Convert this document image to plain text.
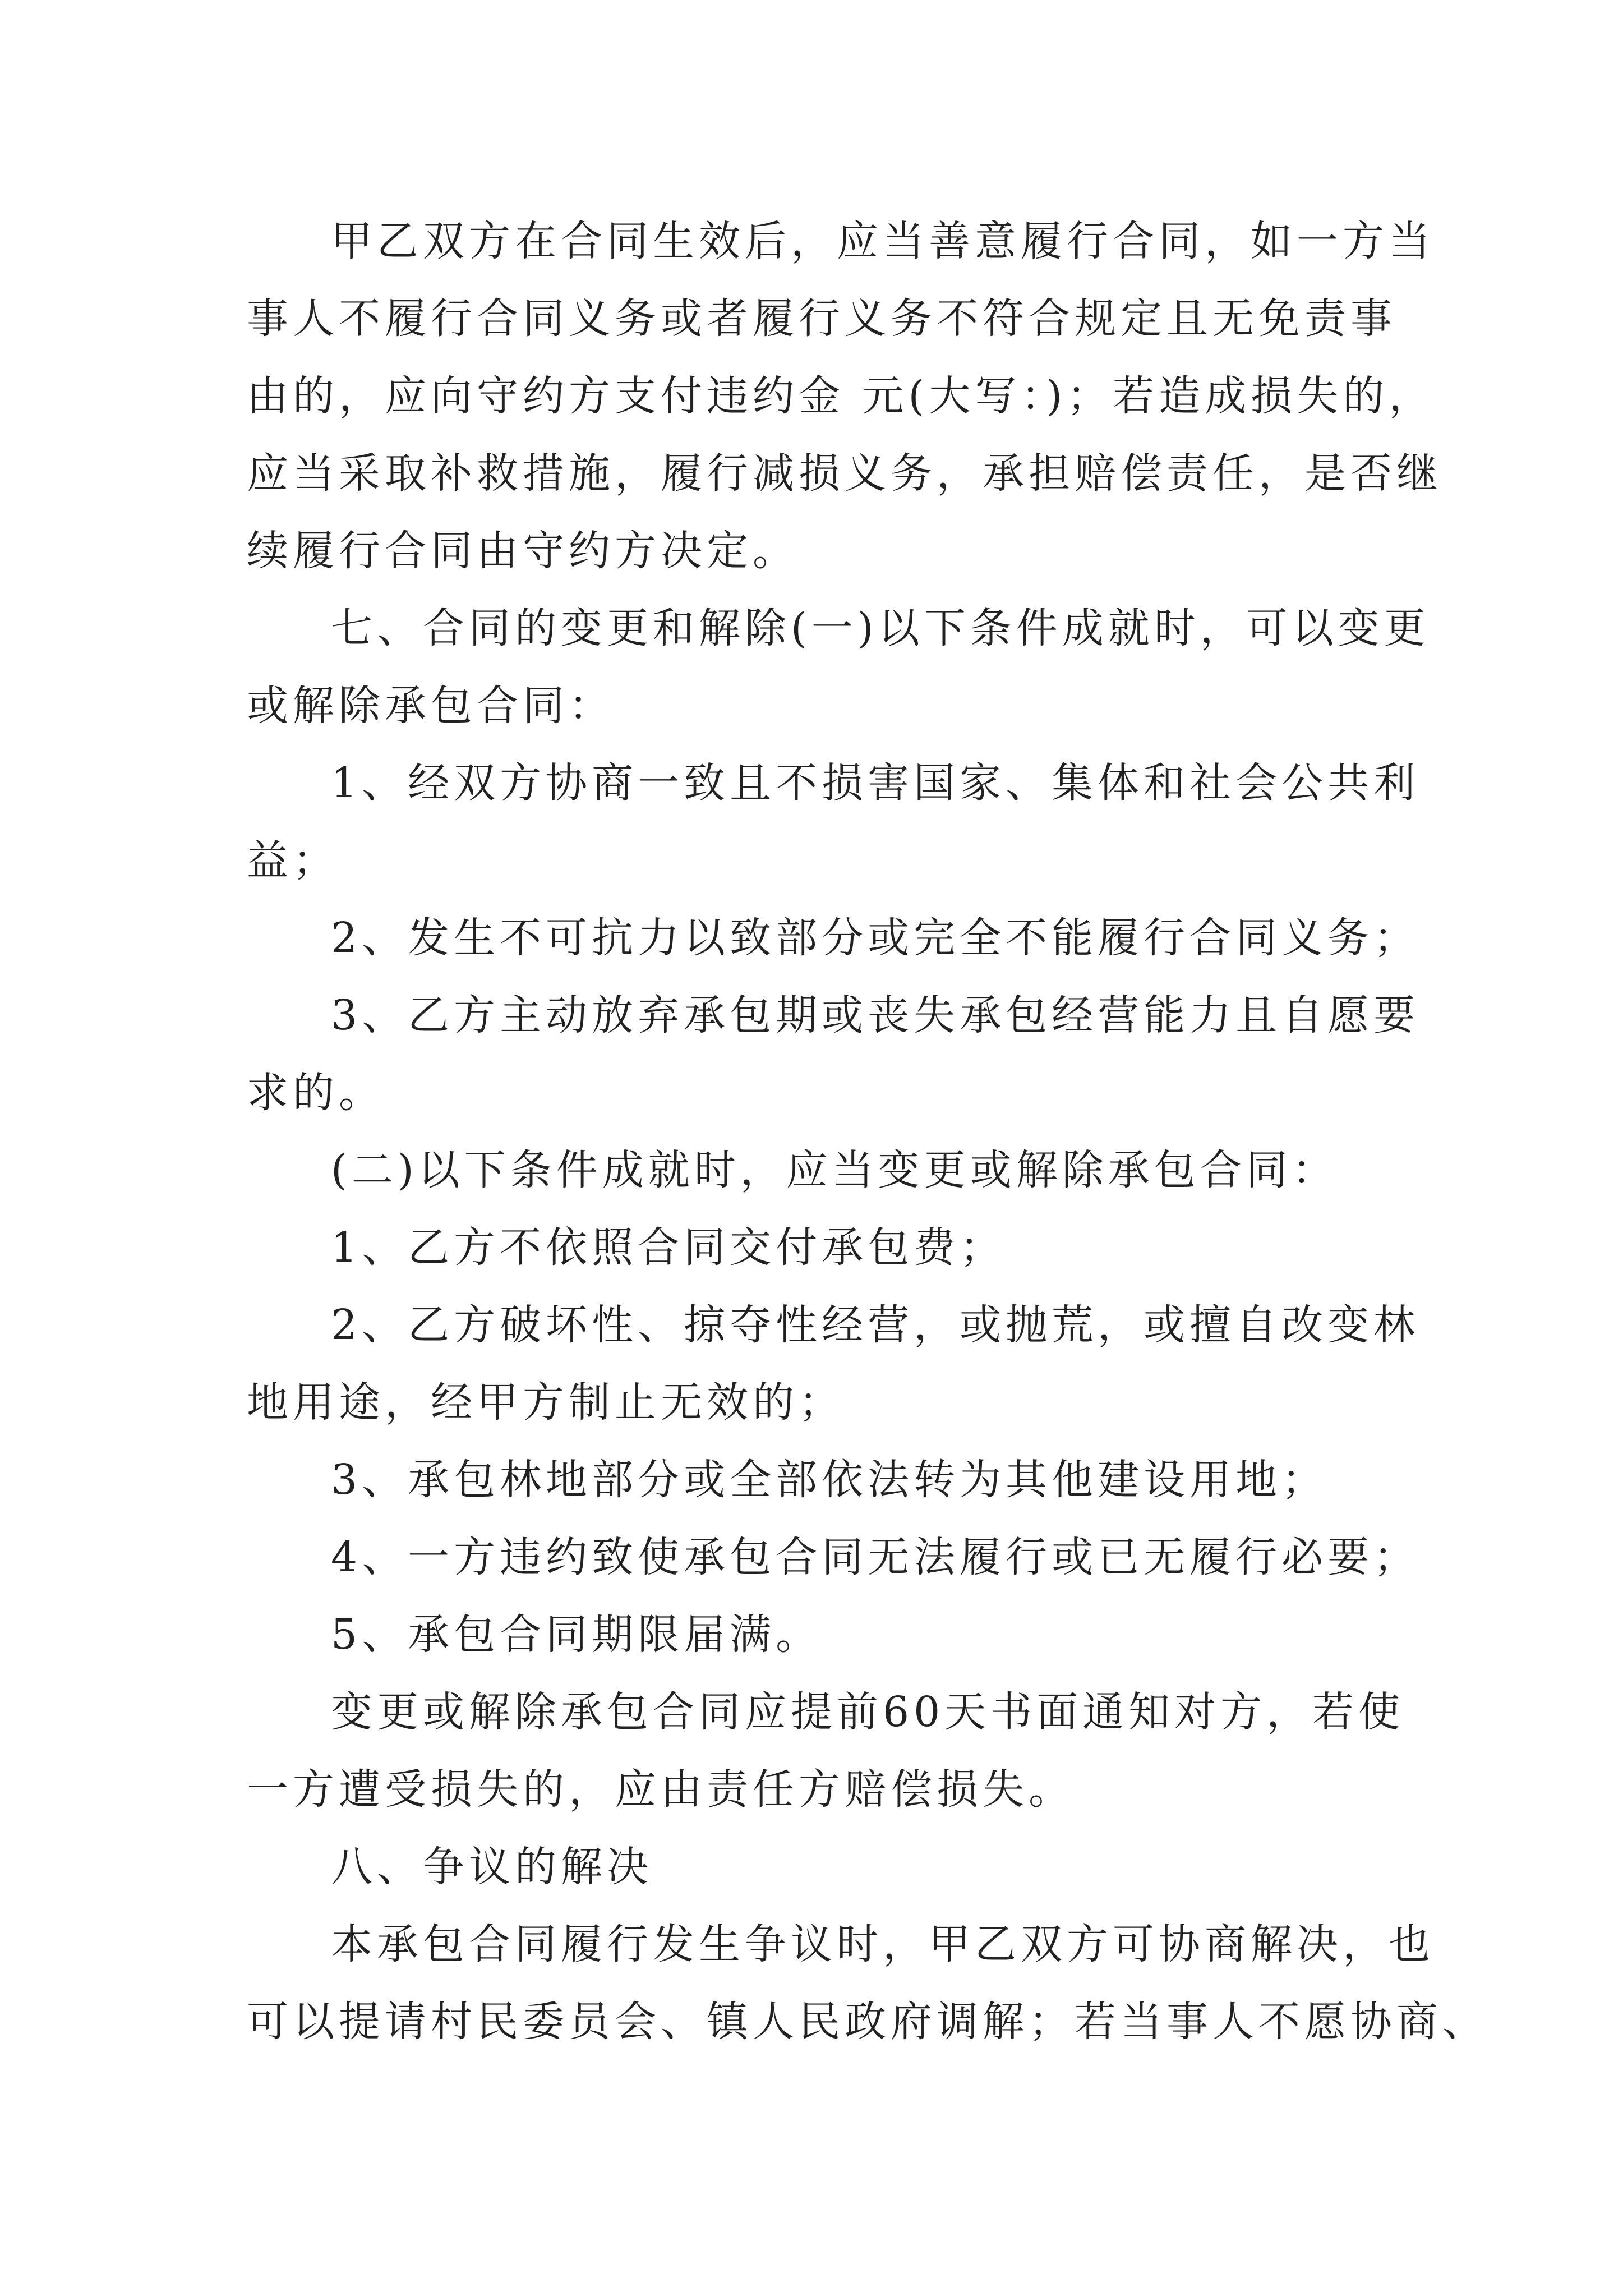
甲乙双方在合同生效后，应当善意履行合同，如一方当
事人不履行合同义务或者履行义务不符合规定且无免责事
由的，应向守约方支付违约金 元(大写：)；若造成损失的，
应当采取补救措施，履行减损义务，承担赔偿责任，是否继
续履行合同由守约方决定。
七、合同的变更和解除(一)以下条件成就时，可以变更
或解除承包合同：
1、经双方协商一致且不损害国家、集体和社会公共利
益；
2、发生不可抗力以致部分或完全不能履行合同义务；
3、乙方主动放弃承包期或丧失承包经营能力且自愿要
求的。
(二)以下条件成就时，应当变更或解除承包合同：
1、乙方不依照合同交付承包费；
2、乙方破坏性、掠夺性经营，或抛荒，或擅自改变林
地用途，经甲方制止无效的；
3、承包林地部分或全部依法转为其他建设用地；
4、一方违约致使承包合同无法履行或已无履行必要；
5、承包合同期限届满。
变更或解除承包合同应提前60天书面通知对方，若使
一方遭受损失的，应由责任方赔偿损失。
八、争议的解决
本承包合同履行发生争议时，甲乙双方可协商解决，也
可以提请村民委员会、镇人民政府调解；若当事人不愿协商、
